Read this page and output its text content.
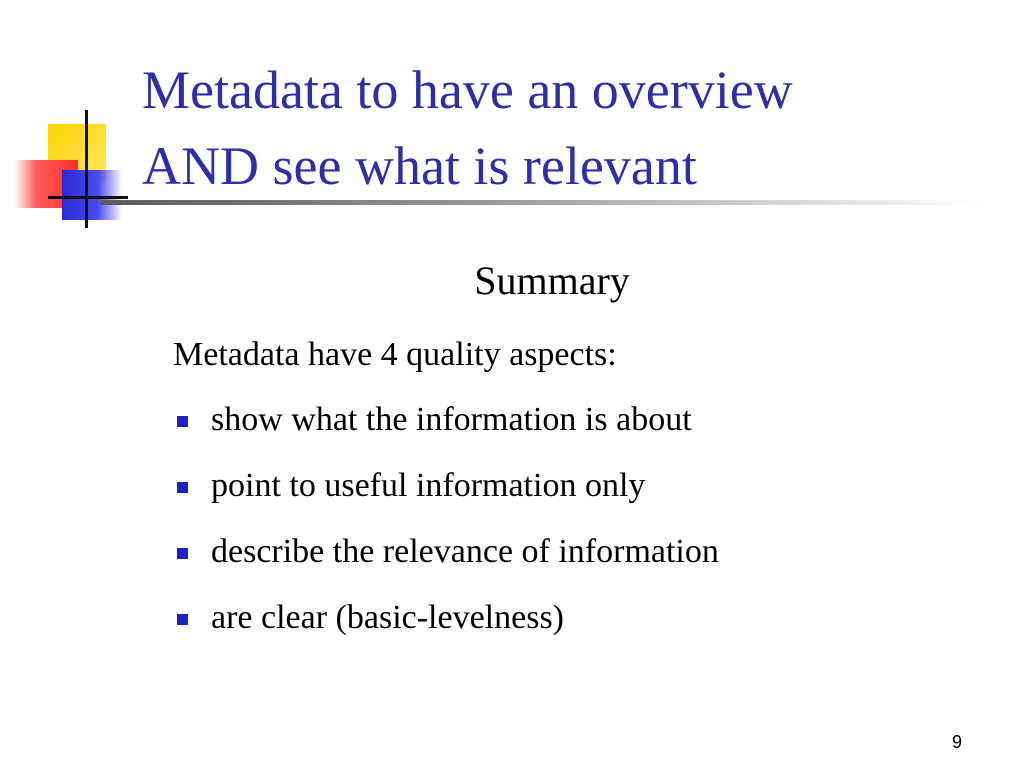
Metadata to have an overview
AND see what is relevant
Summary
Metadata have 4 quality aspects:
show what the information is about
point to useful information only
describe the relevance of information
are clear (basic-levelness)
9
